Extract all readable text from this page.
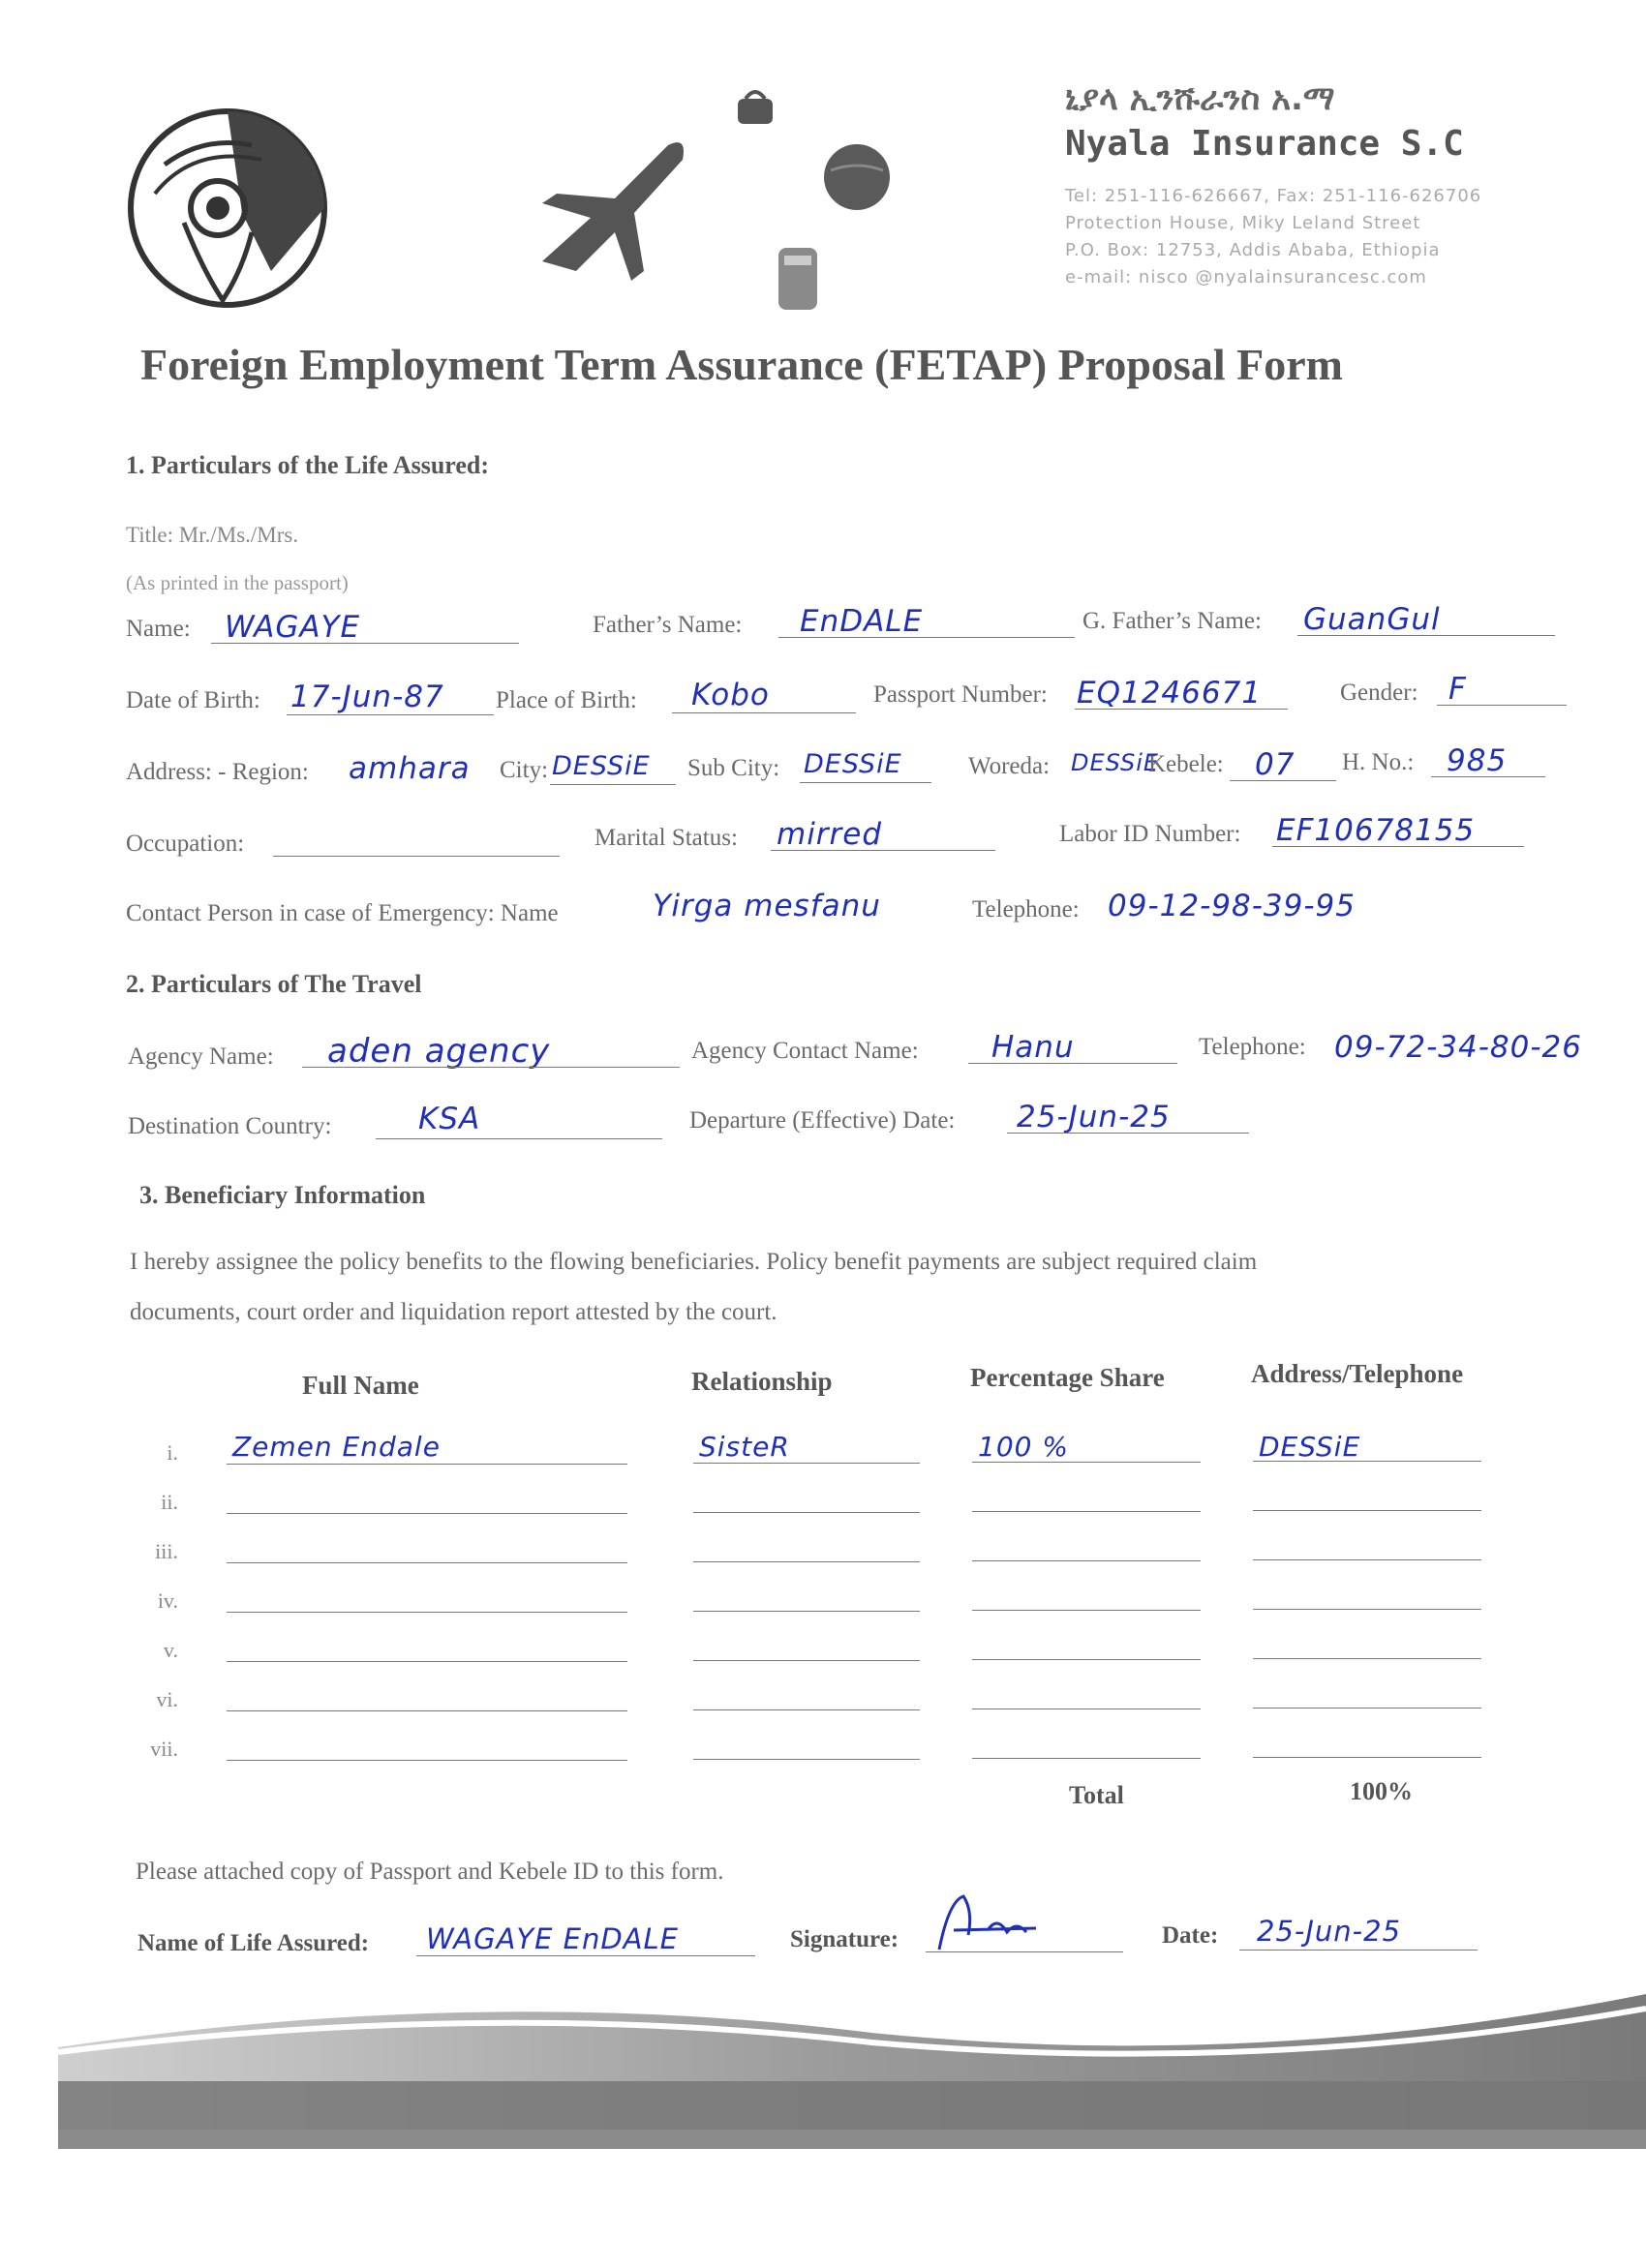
ኒያላ ኢንሹራንስ አ.ማ
Nyala Insurance S.C
Tel: 251-116-626667, Fax: 251-116-626706
Protection House, Miky Leland Street
P.O. Box: 12753, Addis Ababa, Ethiopia
e-mail: nisco @nyalainsurancesc.com
Foreign Employment Term Assurance (FETAP) Proposal Form
1. Particulars of the Life Assured:
Title: Mr./Ms./Mrs.
(As printed in the passport)
Name: WAGAYE	Father’s Name: EnDALE	G. Father’s Name: GuanGul
Date of Birth: 17-Jun-87 Place of Birth: Kobo	Passport Number: EQ1246671	Gender: F
Address: - Region: amhara City: DESSiE Sub City: DESSiE	Woreda: DESSiE
Kebele: 07 H. No.: 985
Occupation:	Marital Status: mirred	Labor ID Number: EF10678155
Contact Person in case of Emergency: Name	Yirga mesfanu	Telephone: 09-12-98-39-95
2. Particulars of The Travel
Agency Name: aden agency	Agency Contact Name: Hanu	Telephone: 09-72-34-80-26
Destination Country:	KSA	Departure (Effective) Date: 25-Jun-25
3. Beneficiary Information
I hereby assignee the policy benefits to the flowing beneficiaries. Policy benefit payments are subject required claim
documents, court order and liquidation report attested by the court.
Full Name	Relationship	Percentage Share	Address/Telephone
i. Zemen Endale	SisteR	100 %	DESSiE
ii.
iii.
iv.
v.
vi.
vii.
Total	100%
Please attached copy of Passport and Kebele ID to this form.
Name of Life Assured: WAGAYE EnDALE	Signature:	Date: 25-Jun-25
